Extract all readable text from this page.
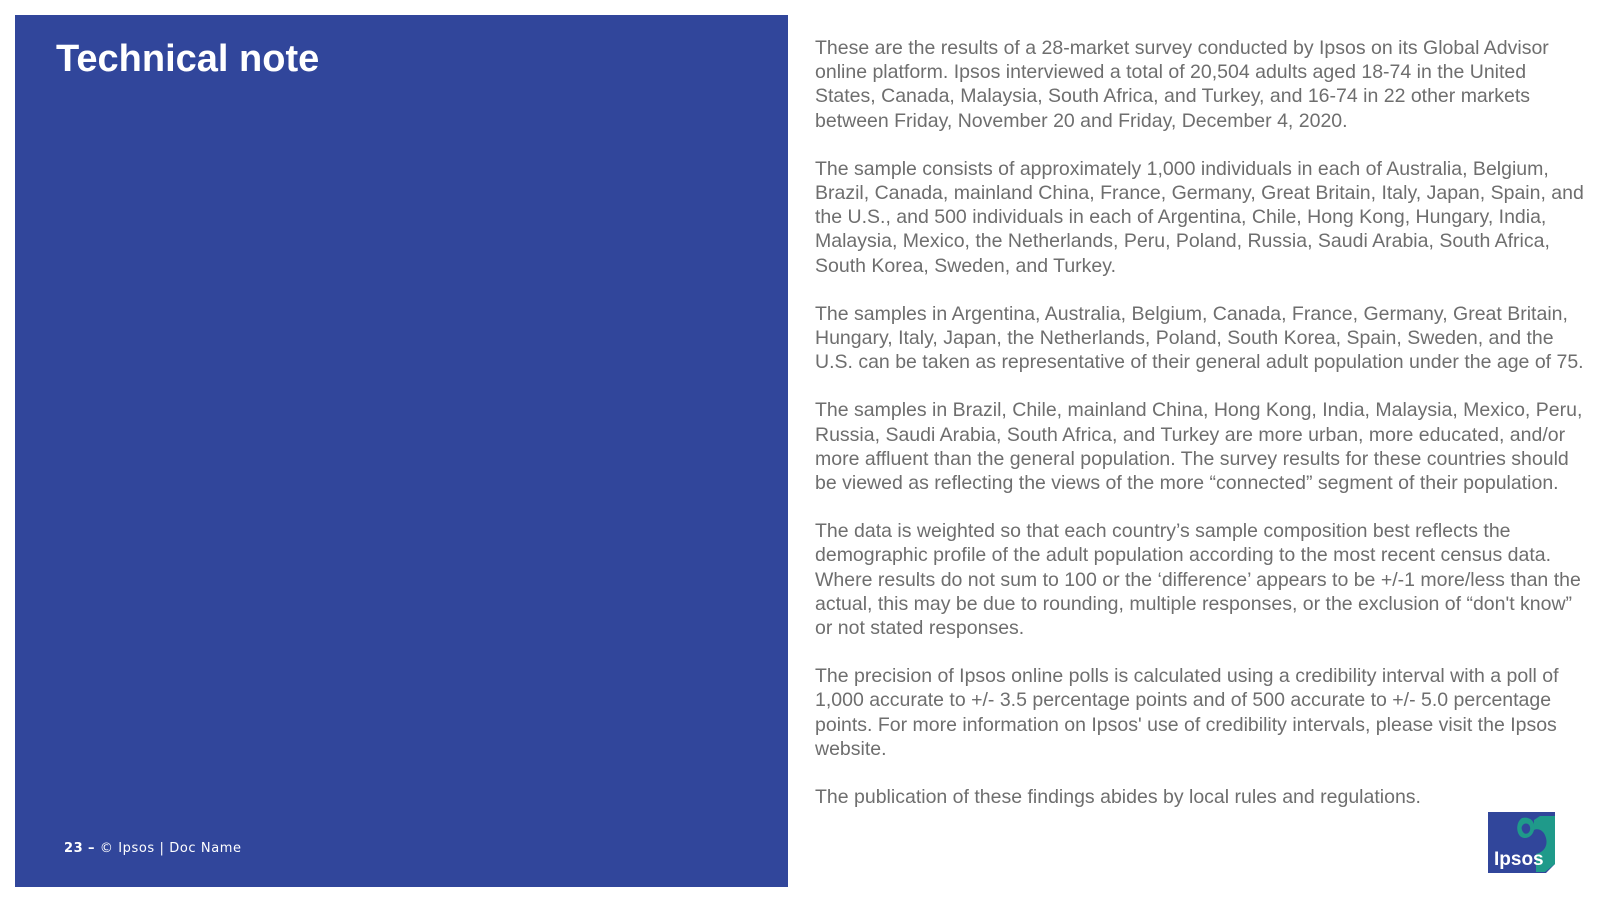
Technical note
23 – © Ipsos | Doc Name

These are the results of a 28-market survey conducted by Ipsos on its Global Advisor online platform. Ipsos interviewed a total of 20,504 adults aged 18-74 in the United States, Canada, Malaysia, South Africa, and Turkey, and 16-74 in 22 other markets between Friday, November 20 and Friday, December 4, 2020.

The sample consists of approximately 1,000 individuals in each of Australia, Belgium, Brazil, Canada, mainland China, France, Germany, Great Britain, Italy, Japan, Spain, and the U.S., and 500 individuals in each of Argentina, Chile, Hong Kong, Hungary, India, Malaysia, Mexico, the Netherlands, Peru, Poland, Russia, Saudi Arabia, South Africa, South Korea, Sweden, and Turkey.

The samples in Argentina, Australia, Belgium, Canada, France, Germany, Great Britain, Hungary, Italy, Japan, the Netherlands, Poland, South Korea, Spain, Sweden, and the U.S. can be taken as representative of their general adult population under the age of 75.

The samples in Brazil, Chile, mainland China, Hong Kong, India, Malaysia, Mexico, Peru, Russia, Saudi Arabia, South Africa, and Turkey are more urban, more educated, and/or more affluent than the general population. The survey results for these countries should be viewed as reflecting the views of the more “connected” segment of their population.

The data is weighted so that each country’s sample composition best reflects the demographic profile of the adult population according to the most recent census data. Where results do not sum to 100 or the ‘difference’ appears to be +/-1 more/less than the actual, this may be due to rounding, multiple responses, or the exclusion of “don't know” or not stated responses.

The precision of Ipsos online polls is calculated using a credibility interval with a poll of 1,000 accurate to +/- 3.5 percentage points and of 500 accurate to +/- 5.0 percentage points. For more information on Ipsos' use of credibility intervals, please visit the Ipsos website.

The publication of these findings abides by local rules and regulations.

Ipsos
